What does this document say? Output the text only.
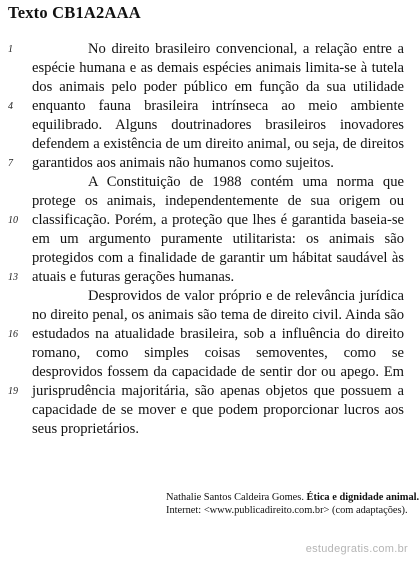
Texto CB1A2AAA
1
4
7
10
13
16
19
No direito brasileiro convencional, a relação entre a
espécie humana e as demais espécies animais limita-se à tutela
dos animais pelo poder público em função da sua utilidade
enquanto fauna brasileira intrínseca ao meio ambiente
equilibrado. Alguns doutrinadores brasileiros inovadores
defendem a existência de um direito animal, ou seja, de direitos
garantidos aos animais não humanos como sujeitos.
A Constituição de 1988 contém uma norma que
protege os animais, independentemente de sua origem ou
classificação. Porém, a proteção que lhes é garantida baseia-se
em um argumento puramente utilitarista: os animais são
protegidos com a finalidade de garantir um hábitat saudável às
atuais e futuras gerações humanas.
Desprovidos de valor próprio e de relevância jurídica
no direito penal, os animais são tema de direito civil. Ainda são
estudados na atualidade brasileira, sob a influência do direito
romano, como simples coisas semoventes, como se
desprovidos fossem da capacidade de sentir dor ou apego. Em
jurisprudência majoritária, são apenas objetos que possuem a
capacidade de se mover e que podem proporcionar lucros aos
seus proprietários.
Nathalie Santos Caldeira Gomes. Ética e dignidade animal.
Internet: <www.publicadireito.com.br> (com adaptações).
estudegratis.com.br
